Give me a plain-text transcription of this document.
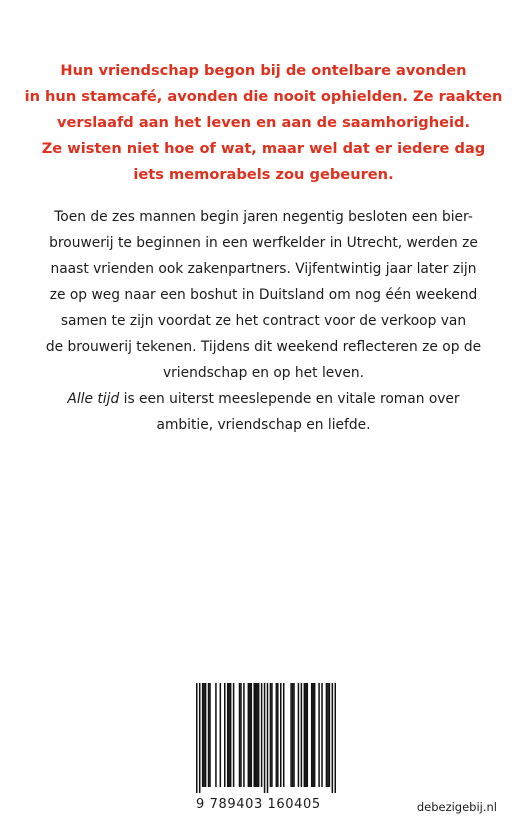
Hun vriendschap begon bij de ontelbare avonden
in hun stamcafé, avonden die nooit ophielden. Ze raakten
verslaafd aan het leven en aan de saamhorigheid.
Ze wisten niet hoe of wat, maar wel dat er iedere dag
iets memorabels zou gebeuren.
Toen de zes mannen begin jaren negentig besloten een bier-
brouwerij te beginnen in een werfkelder in Utrecht, werden ze
naast vrienden ook zakenpartners. Vijfentwintig jaar later zijn
ze op weg naar een boshut in Duitsland om nog één weekend
samen te zijn voordat ze het contract voor de verkoop van
de brouwerij tekenen. Tijdens dit weekend reflecteren ze op de
vriendschap en op het leven.
Alle tijd is een uiterst meeslepende en vitale roman over
ambitie, vriendschap en liefde.
9 789403 160405	debezigebij.nl
